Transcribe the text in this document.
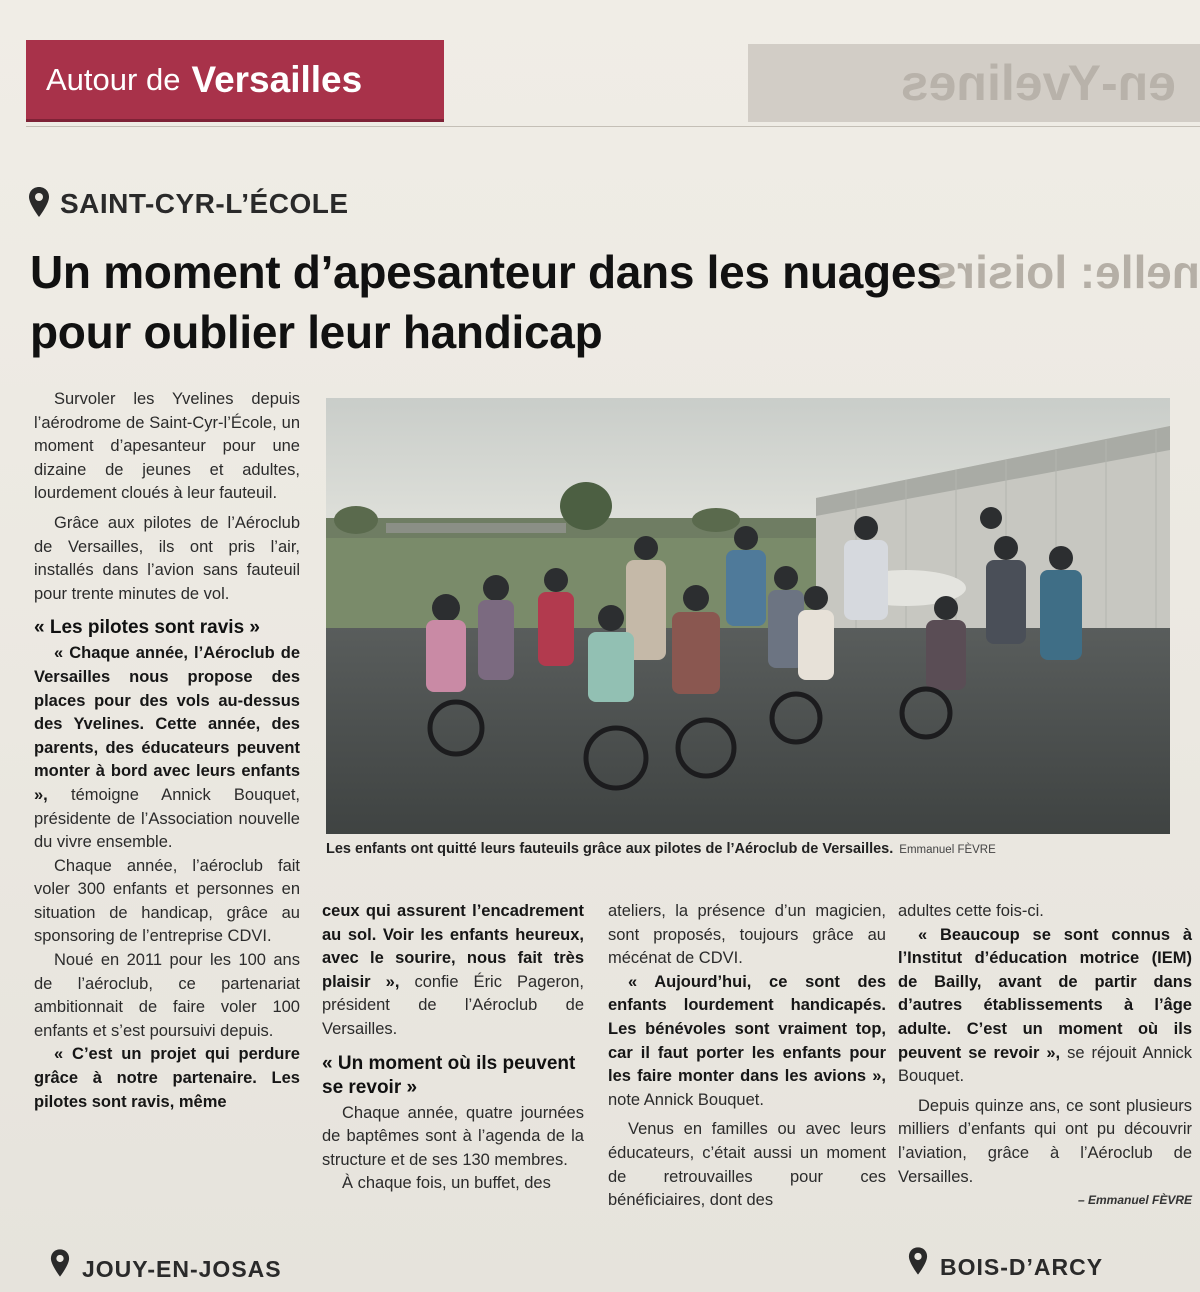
Autour de Versailles	en-Yvelines
SAINT-CYR-L’ÉCOLE
nelle: loisirs
Un moment d’apesanteur dans les nuages
pour oublier leur handicap

Survoler les Yvelines depuis l’aérodrome de Saint-Cyr-l’École, un moment d’apesanteur pour une dizaine de jeunes et adultes, lourdement cloués à leur fauteuil.

Grâce aux pilotes de l’Aéroclub de Versailles, ils ont pris l’air, installés dans l’avion sans fauteuil pour trente minutes de vol.

« Les pilotes sont ravis »

« Chaque année, l’Aéroclub de Versailles nous propose des places pour des vols au-dessus des Yvelines. Cette année, des parents, des éducateurs peuvent monter à bord avec leurs enfants », témoigne Annick Bouquet, présidente de l’Association nouvelle du vivre ensemble.

Chaque année, l’aéroclub fait voler 300 enfants et personnes en situation de handicap, grâce au sponsoring de l’entreprise CDVI.

Noué en 2011 pour les 100 ans de l’aéroclub, ce partenariat ambitionnait de faire voler 100 enfants et s’est poursuivi depuis.

« C’est un projet qui perdure grâce à notre partenaire. Les pilotes sont ravis, même

Les enfants ont quitté leurs fauteuils grâce aux pilotes de l’Aéroclub de Versailles. Emmanuel FÈVRE

ceux qui assurent l’encadrement au sol. Voir les enfants heureux, avec le sourire, nous fait très plaisir », confie Éric Pageron, président de l’Aéroclub de Versailles.

« Un moment où ils peuvent se revoir »

Chaque année, quatre journées de baptêmes sont à l’agenda de la structure et de ses 130 membres.

À chaque fois, un buffet, des

ateliers, la présence d’un magicien, sont proposés, toujours grâce au mécénat de CDVI.

« Aujourd’hui, ce sont des enfants lourdement handicapés. Les bénévoles sont vraiment top, car il faut porter les enfants pour les faire monter dans les avions », note Annick Bouquet.

Venus en familles ou avec leurs éducateurs, c’était aussi un moment de retrouvailles pour ces bénéficiaires, dont des

adultes cette fois-ci.

« Beaucoup se sont connus à l’Institut d’éducation motrice (IEM) de Bailly, avant de partir dans d’autres établissements à l’âge adulte. C’est un moment où ils peuvent se revoir », se réjouit Annick Bouquet.

Depuis quinze ans, ce sont plusieurs milliers d’enfants qui ont pu découvrir l’aviation, grâce à l’Aéroclub de Versailles.

– Emmanuel FÈVRE
JOUY-EN-JOSAS	BOIS-D’ARCY
